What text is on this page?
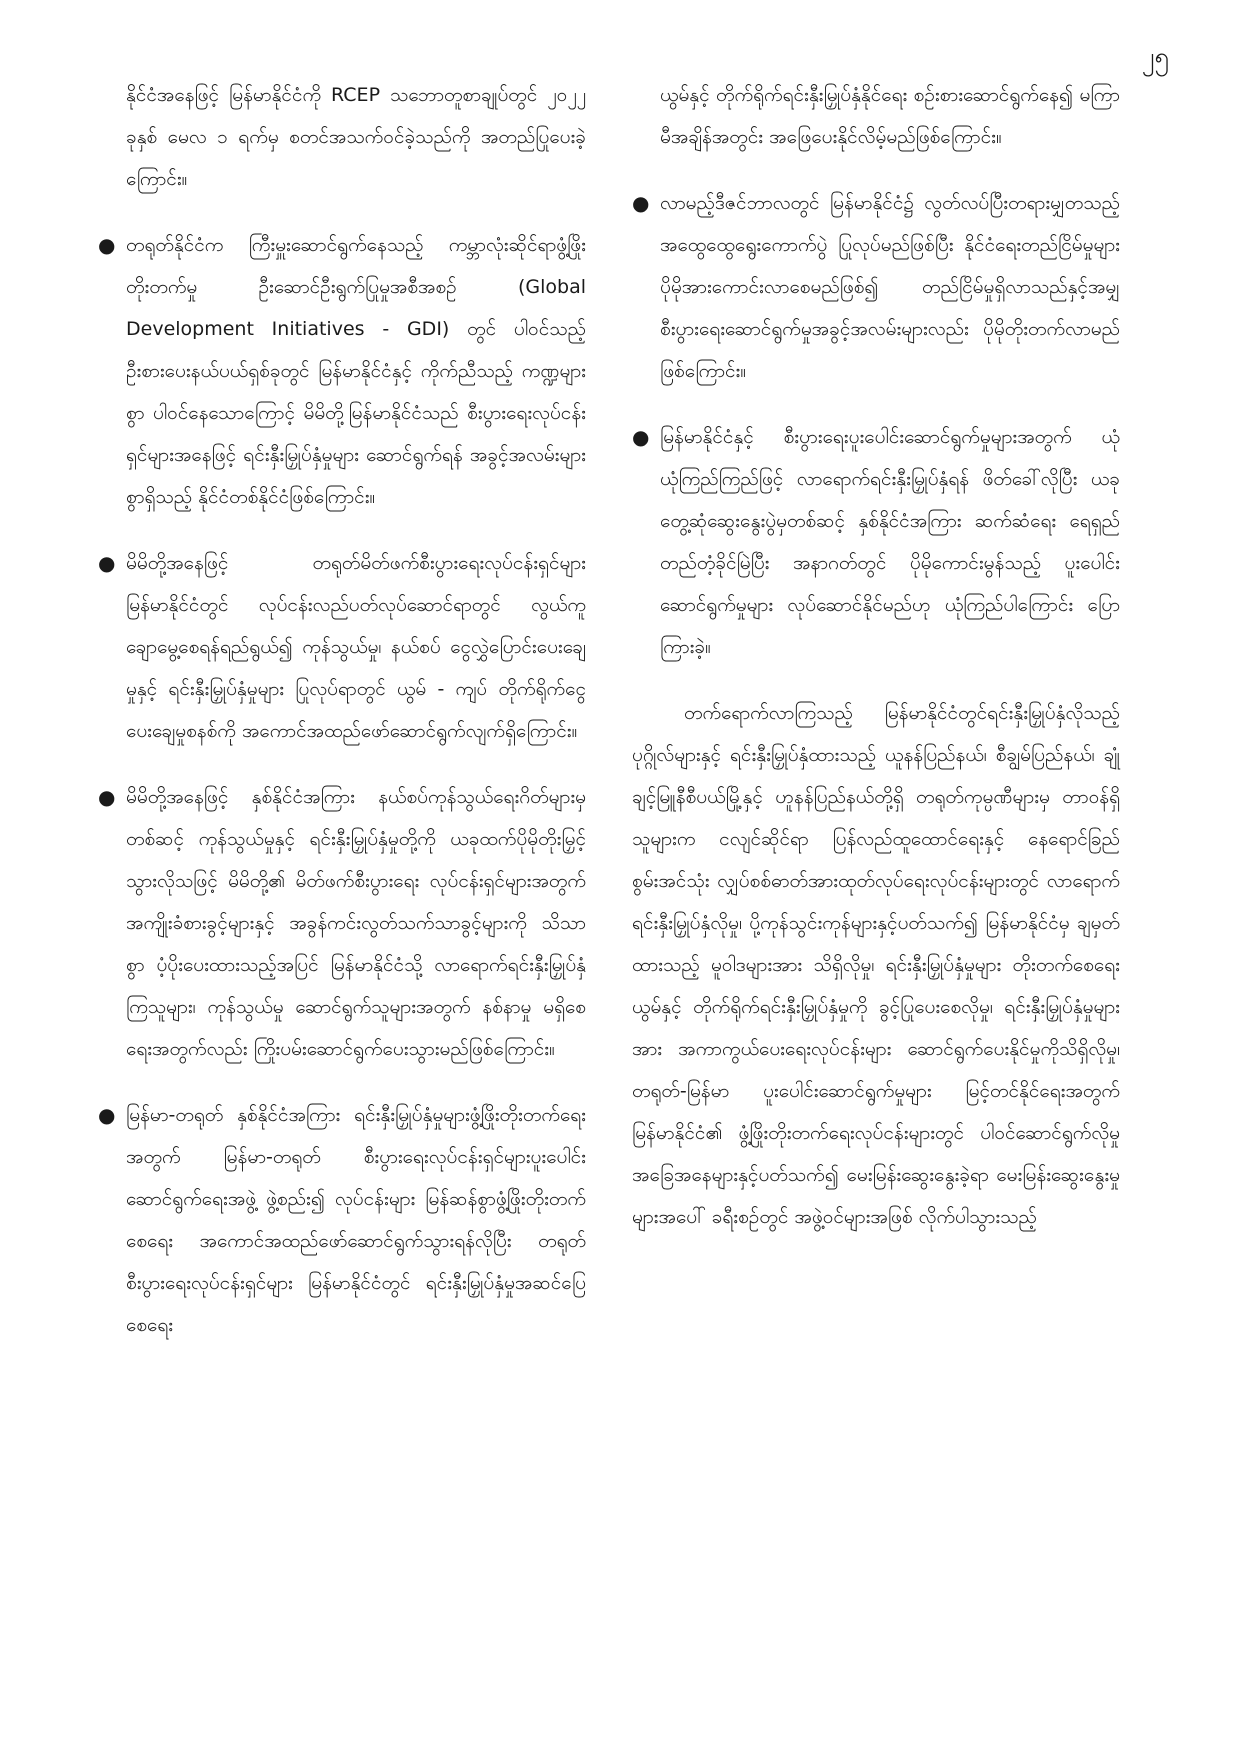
၂၅

နိုင်ငံအနေဖြင့် မြန်မာနိုင်ငံကို RCEP သဘောတူစာချုပ်တွင် ၂၀၂၂ ခုနှစ် မေလ ၁ ရက်မှ စတင်အသက်ဝင်ခဲ့သည်ကို အတည်ပြုပေးခဲ့ကြောင်း။

● တရုတ်နိုင်ငံက ကြီးမှူးဆောင်ရွက်နေသည့် ကမ္ဘာလုံးဆိုင်ရာဖွံ့ဖြိုးတိုးတက်မှု ဦးဆောင်ဦးရွက်ပြုမှုအစီအစဉ် (Global Development Initiatives - GDI) တွင် ပါဝင်သည့် ဦးစားပေးနယ်ပယ်ရှစ်ခုတွင် မြန်မာနိုင်ငံနှင့် ကိုက်ညီသည့် ကဏ္ဍများစွာ ပါဝင်နေသောကြောင့် မိမိတို့မြန်မာနိုင်ငံသည် စီးပွားရေးလုပ်ငန်းရှင်များအနေဖြင့် ရင်းနှီးမြှုပ်နှံမှုများ ဆောင်ရွက်ရန် အခွင့်အလမ်းများစွာရှိသည့် နိုင်ငံတစ်နိုင်ငံဖြစ်ကြောင်း။
● မိမိတို့အနေဖြင့် တရုတ်မိတ်ဖက်စီးပွားရေးလုပ်ငန်းရှင်များ မြန်မာနိုင်ငံတွင် လုပ်ငန်းလည်ပတ်လုပ်ဆောင်ရာတွင် လွယ်ကူချောမွေ့စေရန်ရည်ရွယ်၍ ကုန်သွယ်မှု၊ နယ်စပ် ငွေလွှဲပြောင်းပေးချေမှုနှင့် ရင်းနှီးမြှုပ်နှံမှုများ ပြုလုပ်ရာတွင် ယွမ် - ကျပ် တိုက်ရိုက်ငွေ ပေးချေမှုစနစ်ကို အကောင်အထည်ဖော်ဆောင်ရွက်လျက်ရှိကြောင်း။
● မိမိတို့အနေဖြင့် နှစ်နိုင်ငံအကြား နယ်စပ်ကုန်သွယ်ရေးဂိတ်များမှတစ်ဆင့် ကုန်သွယ်မှုနှင့် ရင်းနှီးမြှုပ်နှံမှုတို့ကို ယခုထက်ပိုမိုတိုးမြှင့်သွားလိုသဖြင့် မိမိတို့၏ မိတ်ဖက်စီးပွားရေး လုပ်ငန်းရှင်များအတွက် အကျိုးခံစားခွင့်များနှင့် အခွန်ကင်းလွတ်သက်သာခွင့်များကို သိသာစွာ ပံ့ပိုးပေးထားသည့်အပြင် မြန်မာနိုင်ငံသို့ လာရောက်ရင်းနှီးမြှုပ်နှံကြသူများ၊ ကုန်သွယ်မှု ဆောင်ရွက်သူများအတွက် နစ်နာမှု မရှိစေရေးအတွက်လည်း ကြိုးပမ်းဆောင်ရွက်ပေးသွားမည်ဖြစ်ကြောင်း။
● မြန်မာ-တရုတ် နှစ်နိုင်ငံအကြား ရင်းနှီးမြှုပ်နှံမှုများဖွံ့ဖြိုးတိုးတက်ရေးအတွက် မြန်မာ-တရုတ် စီးပွားရေးလုပ်ငန်းရှင်များပူးပေါင်းဆောင်ရွက်ရေးအဖွဲ့ ဖွဲ့စည်း၍ လုပ်ငန်းများ မြန်ဆန်စွာဖွံ့ဖြိုးတိုးတက်စေရေး အကောင်အထည်ဖော်ဆောင်ရွက်သွားရန်လိုပြီး တရုတ် စီးပွားရေးလုပ်ငန်းရှင်များ မြန်မာနိုင်ငံတွင် ရင်းနှီးမြှုပ်နှံမှုအဆင်ပြေစေရေး

ယွမ်နှင့် တိုက်ရိုက်ရင်းနှီးမြှုပ်နှံနိုင်ရေး စဉ်းစားဆောင်ရွက်နေ၍ မကြာမီအချိန်အတွင်း အဖြေပေးနိုင်လိမ့်မည်ဖြစ်ကြောင်း။

● လာမည့်ဒီဇင်ဘာလတွင် မြန်မာနိုင်ငံ၌ လွတ်လပ်ပြီးတရားမျှတသည့် အထွေထွေရွေးကောက်ပွဲ ပြုလုပ်မည်ဖြစ်ပြီး နိုင်ငံရေးတည်ငြိမ်မှုများ ပိုမိုအားကောင်းလာစေမည်ဖြစ်၍ တည်ငြိမ်မှုရှိလာသည်နှင့်အမျှ စီးပွားရေးဆောင်ရွက်မှုအခွင့်အလမ်းများလည်း ပိုမိုတိုးတက်လာမည်ဖြစ်ကြောင်း။
● မြန်မာနိုင်ငံနှင့် စီးပွားရေးပူးပေါင်းဆောင်ရွက်မှုများအတွက် ယုံယုံကြည်ကြည်ဖြင့် လာရောက်ရင်းနှီးမြှုပ်နှံရန် ဖိတ်ခေါ်လိုပြီး ယခုတွေ့ဆုံဆွေးနွေးပွဲမှတစ်ဆင့် နှစ်နိုင်ငံအကြား ဆက်ဆံရေး ရေရှည်တည်တံ့ခိုင်မြဲပြီး အနာဂတ်တွင် ပိုမိုကောင်းမွန်သည့် ပူးပေါင်းဆောင်ရွက်မှုများ လုပ်ဆောင်နိုင်မည်ဟု ယုံကြည်ပါကြောင်း ပြောကြားခဲ့။

တက်ရောက်လာကြသည့် မြန်မာနိုင်ငံတွင်ရင်းနှီးမြှုပ်နှံလိုသည့် ပုဂ္ဂိုလ်များနှင့် ရင်းနှီးမြှုပ်နှံထားသည့် ယူနန်ပြည်နယ်၊ စီချွမ်ပြည်နယ်၊ ချုံချင့်မြူနီစီပယ်မြို့နှင့် ဟူနန်ပြည်နယ်တို့ရှိ တရုတ်ကုမ္ပဏီများမှ တာဝန်ရှိသူများက ငလျင်ဆိုင်ရာ ပြန်လည်ထူထောင်ရေးနှင့် နေရောင်ခြည်စွမ်းအင်သုံး လျှပ်စစ်ဓာတ်အားထုတ်လုပ်ရေးလုပ်ငန်းများတွင် လာရောက်ရင်းနှီးမြှုပ်နှံလိုမှု၊ ပို့ကုန်သွင်းကုန်များနှင့်ပတ်သက်၍ မြန်မာနိုင်ငံမှ ချမှတ်ထားသည့် မူဝါဒများအား သိရှိလိုမှု၊ ရင်းနှီးမြှုပ်နှံမှုများ တိုးတက်စေရေး ယွမ်နှင့် တိုက်ရိုက်ရင်းနှီးမြှုပ်နှံမှုကို ခွင့်ပြုပေးစေလိုမှု၊ ရင်းနှီးမြှုပ်နှံမှုများအား အကာကွယ်ပေးရေးလုပ်ငန်းများ ဆောင်ရွက်ပေးနိုင်မှုကိုသိရှိလိုမှု၊ တရုတ်-မြန်မာ ပူးပေါင်းဆောင်ရွက်မှုများ မြင့်တင်နိုင်ရေးအတွက် မြန်မာနိုင်ငံ၏ ဖွံ့ဖြိုးတိုးတက်ရေးလုပ်ငန်းများတွင် ပါဝင်ဆောင်ရွက်လိုမှုအခြေအနေများနှင့်ပတ်သက်၍ မေးမြန်းဆွေးနွေးခဲ့ရာ မေးမြန်းဆွေးနွေးမှုများအပေါ် ခရီးစဉ်တွင် အဖွဲ့ဝင်များအဖြစ် လိုက်ပါသွားသည့်
